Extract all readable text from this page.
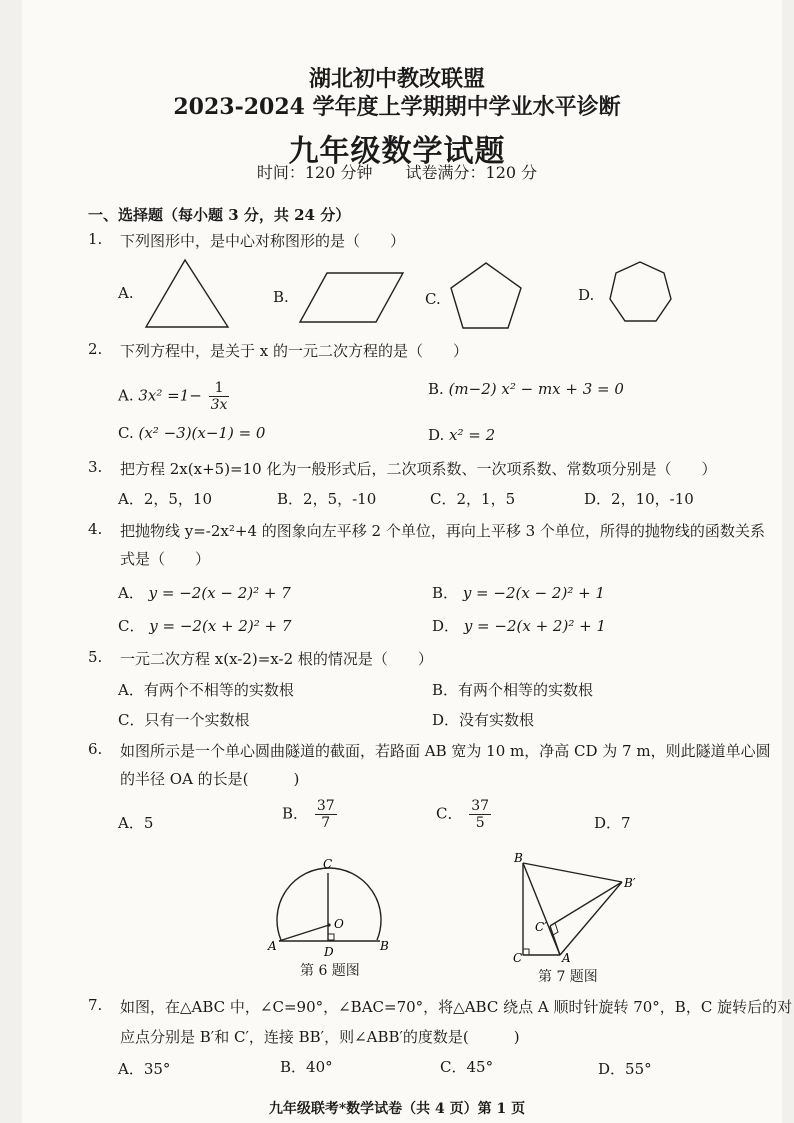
湖北初中教改联盟
2023-2024 学年度上学期期中学业水平诊断
九年级数学试题
时间：120 分钟 试卷满分：120 分
一、选择题（每小题 3 分，共 24 分）
1. 下列图形中，是中心对称图形的是（　　）
A.	B.	C.	D.
2. 下列方程中，是关于 x 的一元二次方程的是（　　）
A. $3x^2 =1- \frac{1}{3x}$	B. (m−2) x² − mx + 3 = 0
C. (x² −3)(x−1) = 0	D. x² = 2
3. 把方程 2x(x+5)=10 化为一般形式后，二次项系数、一次项系数、常数项分别是（　　）
A．2，5，10	B．2，5，-10	C．2，1，5	D．2，10，-10
4. 把抛物线 y=-2x²+4 的图象向左平移 2 个单位，再向上平移 3 个单位，所得的抛物线的函数关系
式是（　　）
A． y = −2(x − 2)² + 7	B． y = −2(x − 2)² + 1
C． y = −2(x + 2)² + 7	D． y = −2(x + 2)² + 1
5. 一元二次方程 x(x-2)=x-2 根的情况是（　　）
A．有两个不相等的实数根	B．有两个相等的实数根
C．只有一个实数根	D．没有实数根
6. 如图所示是一个单心圆曲隧道的截面，若路面 AB 宽为 10 m，净高 CD 为 7 m，则此隧道单心圆
的半径 OA 的长是(　　　)
A．5
B． $\frac{37}{7}$	C． $\frac{37}{5}$	D．7
C
O
A	D	B
第 6 题图
B
B′
C′
C	A
第 7 题图
7. 如图，在△ABC 中，∠C=90°，∠BAC=70°，将△ABC 绕点 A 顺时针旋转 70°，B，C 旋转后的对
应点分别是 B′和 C′，连接 BB′，则∠ABB′的度数是(　　　)
A．35°	B．40°	C．45°	D．55°
九年级联考*数学试卷（共 4 页）第 1 页
